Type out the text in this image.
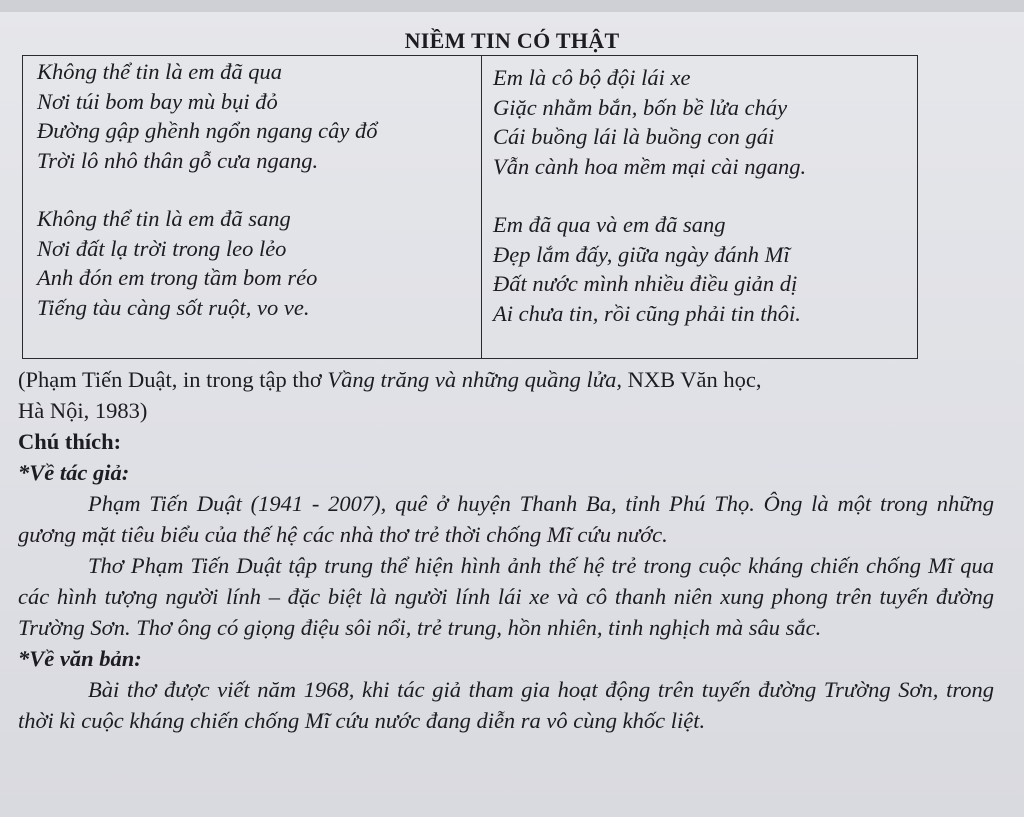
NIỀM TIN CÓ THẬT
Không thể tin là em đã qua
Nơi túi bom bay mù bụi đỏ
Đường gập ghềnh ngổn ngang cây đổ
Trời lô nhô thân gỗ cưa ngang.
Không thể tin là em đã sang
Nơi đất lạ trời trong leo lẻo
Anh đón em trong tầm bom réo
Tiếng tàu càng sốt ruột, vo ve.
Em là cô bộ đội lái xe
Giặc nhằm bắn, bốn bề lửa cháy
Cái buồng lái là buồng con gái
Vẫn cành hoa mềm mại cài ngang.
Em đã qua và em đã sang
Đẹp lắm đấy, giữa ngày đánh Mĩ
Đất nước mình nhiều điều giản dị
Ai chưa tin, rồi cũng phải tin thôi.

(Phạm Tiến Duật, in trong tập thơ Vầng trăng và những quầng lửa, NXB Văn học,

Hà Nội, 1983)

Chú thích:

*Về tác giả:

Phạm Tiến Duật (1941 - 2007), quê ở huyện Thanh Ba, tỉnh Phú Thọ. Ông là một trong những gương mặt tiêu biểu của thế hệ các nhà thơ trẻ thời chống Mĩ cứu nước.

Thơ Phạm Tiến Duật tập trung thể hiện hình ảnh thế hệ trẻ trong cuộc kháng chiến chống Mĩ qua các hình tượng người lính – đặc biệt là người lính lái xe và cô thanh niên xung phong trên tuyến đường Trường Sơn. Thơ ông có giọng điệu sôi nổi, trẻ trung, hồn nhiên, tinh nghịch mà sâu sắc.

*Về văn bản:

Bài thơ được viết năm 1968, khi tác giả tham gia hoạt động trên tuyến đường Trường Sơn, trong thời kì cuộc kháng chiến chống Mĩ cứu nước đang diễn ra vô cùng khốc liệt.
